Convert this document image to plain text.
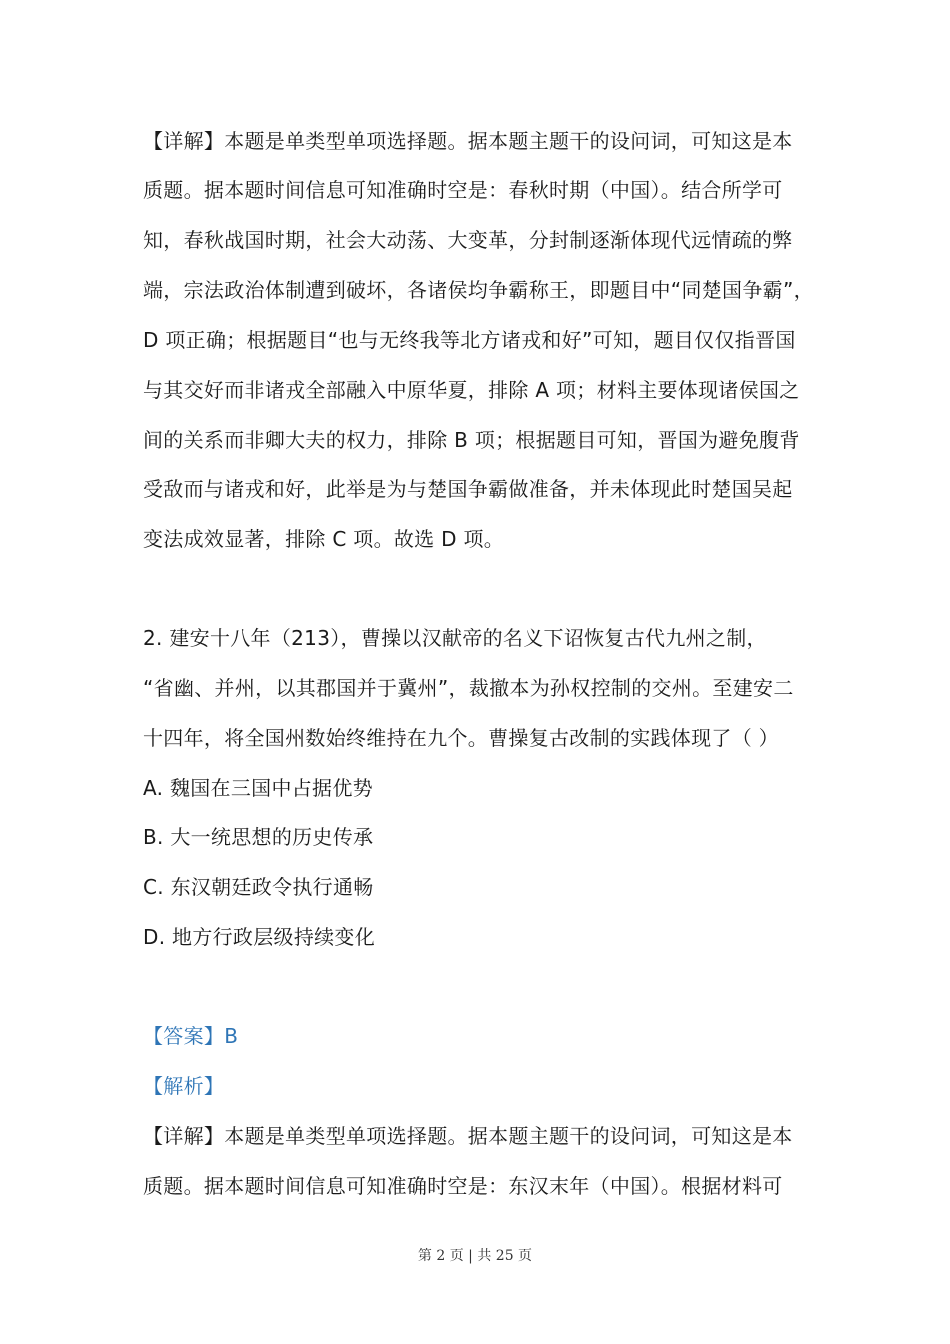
【详解】本题是单类型单项选择题。据本题主题干的设问词，可知这是本
质题。据本题时间信息可知准确时空是：春秋时期（中国）。结合所学可
知，春秋战国时期，社会大动荡、大变革，分封制逐渐体现代远情疏的弊
端，宗法政治体制遭到破坏，各诸侯均争霸称王，即题目中“同楚国争霸”，
D 项正确；根据题目“也与无终我等北方诸戎和好”可知，题目仅仅指晋国
与其交好而非诸戎全部融入中原华夏，排除 A 项；材料主要体现诸侯国之
间的关系而非卿大夫的权力，排除 B 项；根据题目可知，晋国为避免腹背
受敌而与诸戎和好，此举是为与楚国争霸做准备，并未体现此时楚国吴起
变法成效显著，排除 C 项。故选 D 项。
2. 建安十八年（213），曹操以汉献帝的名义下诏恢复古代九州之制，
“省幽、并州，以其郡国并于冀州”，裁撤本为孙权控制的交州。至建安二
十四年，将全国州数始终维持在九个。曹操复古改制的实践体现了（ ）
A. 魏国在三国中占据优势
B. 大一统思想的历史传承
C. 东汉朝廷政令执行通畅
D. 地方行政层级持续变化
【答案】B
【解析】
【详解】本题是单类型单项选择题。据本题主题干的设问词，可知这是本
质题。据本题时间信息可知准确时空是：东汉末年（中国）。根据材料可
第 2 页 | 共 25 页
